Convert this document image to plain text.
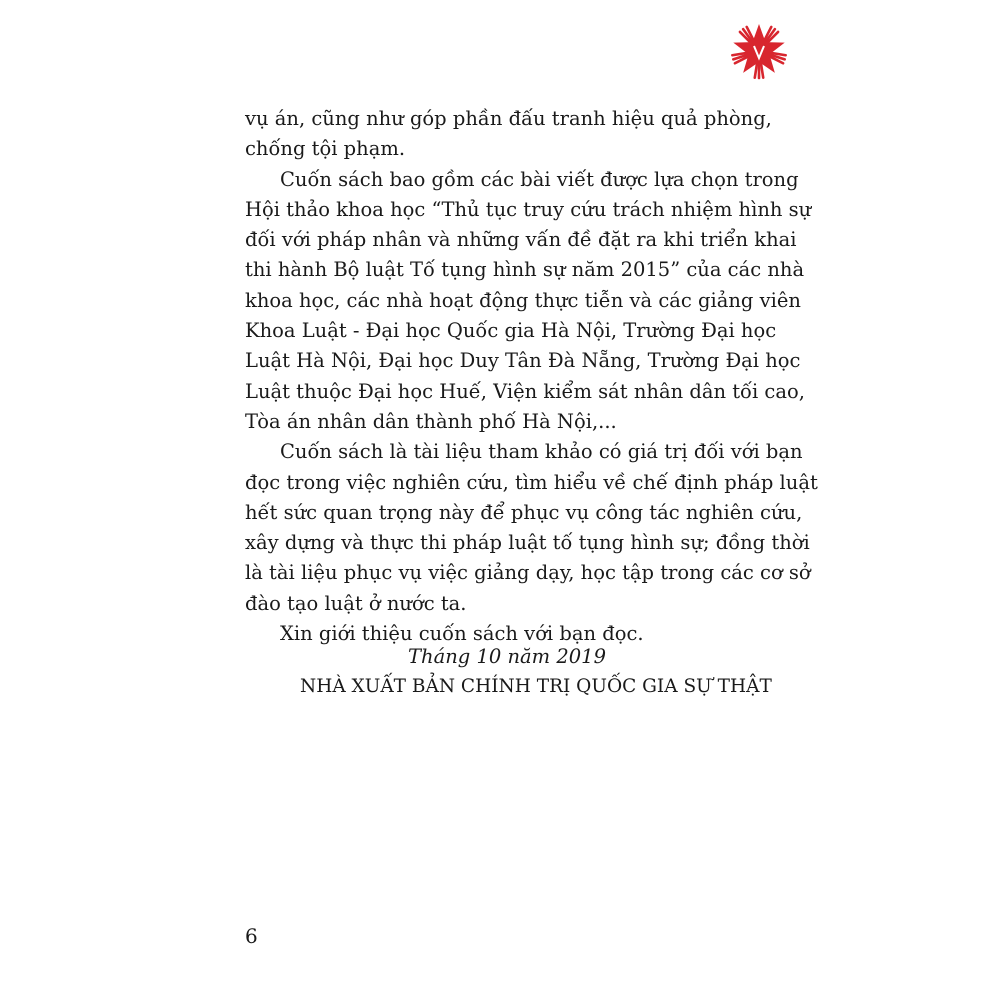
vụ án, cũng như góp phần đấu tranh hiệu quả phòng,
chống tội phạm.
Cuốn sách bao gồm các bài viết được lựa chọn trong
Hội thảo khoa học “Thủ tục truy cứu trách nhiệm hình sự
đối với pháp nhân và những vấn đề đặt ra khi triển khai
thi hành Bộ luật Tố tụng hình sự năm 2015” của các nhà
khoa học, các nhà hoạt động thực tiễn và các giảng viên
Khoa Luật - Đại học Quốc gia Hà Nội, Trường Đại học
Luật Hà Nội, Đại học Duy Tân Đà Nẵng, Trường Đại học
Luật thuộc Đại học Huế, Viện kiểm sát nhân dân tối cao,
Tòa án nhân dân thành phố Hà Nội,...
Cuốn sách là tài liệu tham khảo có giá trị đối với bạn
đọc trong việc nghiên cứu, tìm hiểu về chế định pháp luật
hết sức quan trọng này để phục vụ công tác nghiên cứu,
xây dựng và thực thi pháp luật tố tụng hình sự; đồng thời
là tài liệu phục vụ việc giảng dạy, học tập trong các cơ sở
đào tạo luật ở nước ta.
Xin giới thiệu cuốn sách với bạn đọc.
Tháng 10 năm 2019
NHÀ XUẤT BẢN CHÍNH TRỊ QUỐC GIA SỰ THẬT
6
